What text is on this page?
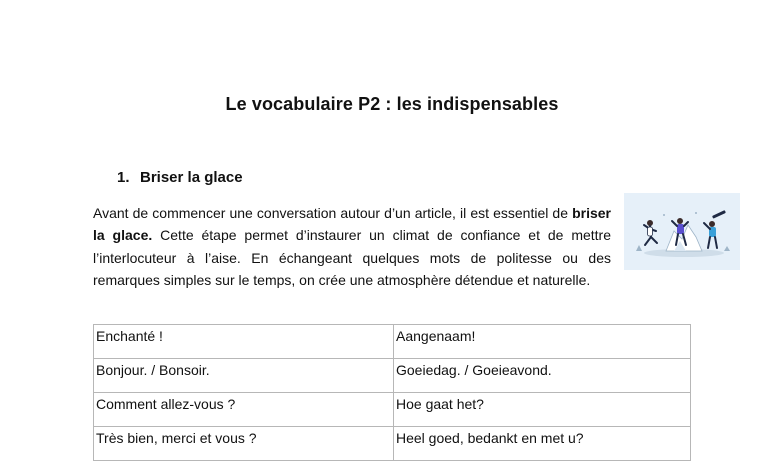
Le vocabulaire P2 : les indispensables
1. Briser la glace
Avant de commencer une conversation autour d’un article, il est essentiel de briser la glace. Cette étape permet d’instaurer un climat de confiance et de mettre l’interlocuteur à l’aise. En échangeant quelques mots de politesse ou des remarques simples sur le temps, on crée une atmosphère détendue et naturelle.
Enchanté !	Aangenaam!
Bonjour. / Bonsoir.	Goeiedag. / Goeieavond.
Comment allez-vous ?	Hoe gaat het?
Très bien, merci et vous ?	Heel goed, bedankt en met u?
